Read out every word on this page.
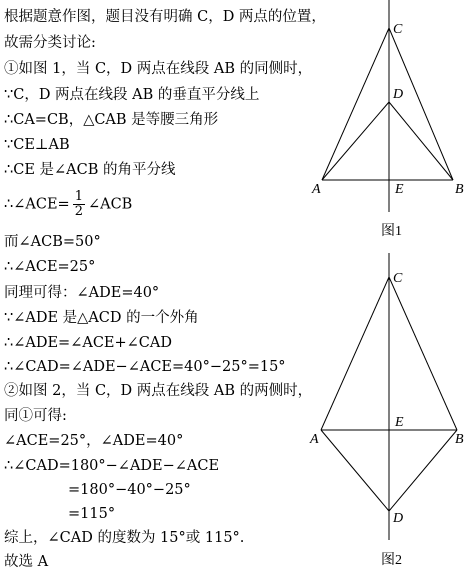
根据题意作图，题目没有明确 C，D 两点的位置，
故需分类讨论:
①如图 1，当 C，D 两点在线段 AB 的同侧时，
∵C，D 两点在线段 AB 的垂直平分线上
∴CA=CB，△CAB 是等腰三角形
∵CE⊥AB
∴CE 是∠ACB 的角平分线
∴∠ACE= $\frac{1}{2}$ ∠ACB
而∠ACB=50°
∴∠ACE=25°
同理可得：∠ADE=40°
∵∠ADE 是△ACD 的一个外角
∴∠ADE=∠ACE+∠CAD
∴∠CAD=∠ADE−∠ACE=40°−25°=15°
②如图 2，当 C，D 两点在线段 AB 的两侧时，
同①可得:
∠ACE=25°，∠ADE=40°
∴∠CAD=180°−∠ADE−∠ACE
=180°−40°−25°
=115°
综上，∠CAD 的度数为 15°或 115°.
故选 A
C
D
A	E	B
图1
C
E
A	B
D
图2
